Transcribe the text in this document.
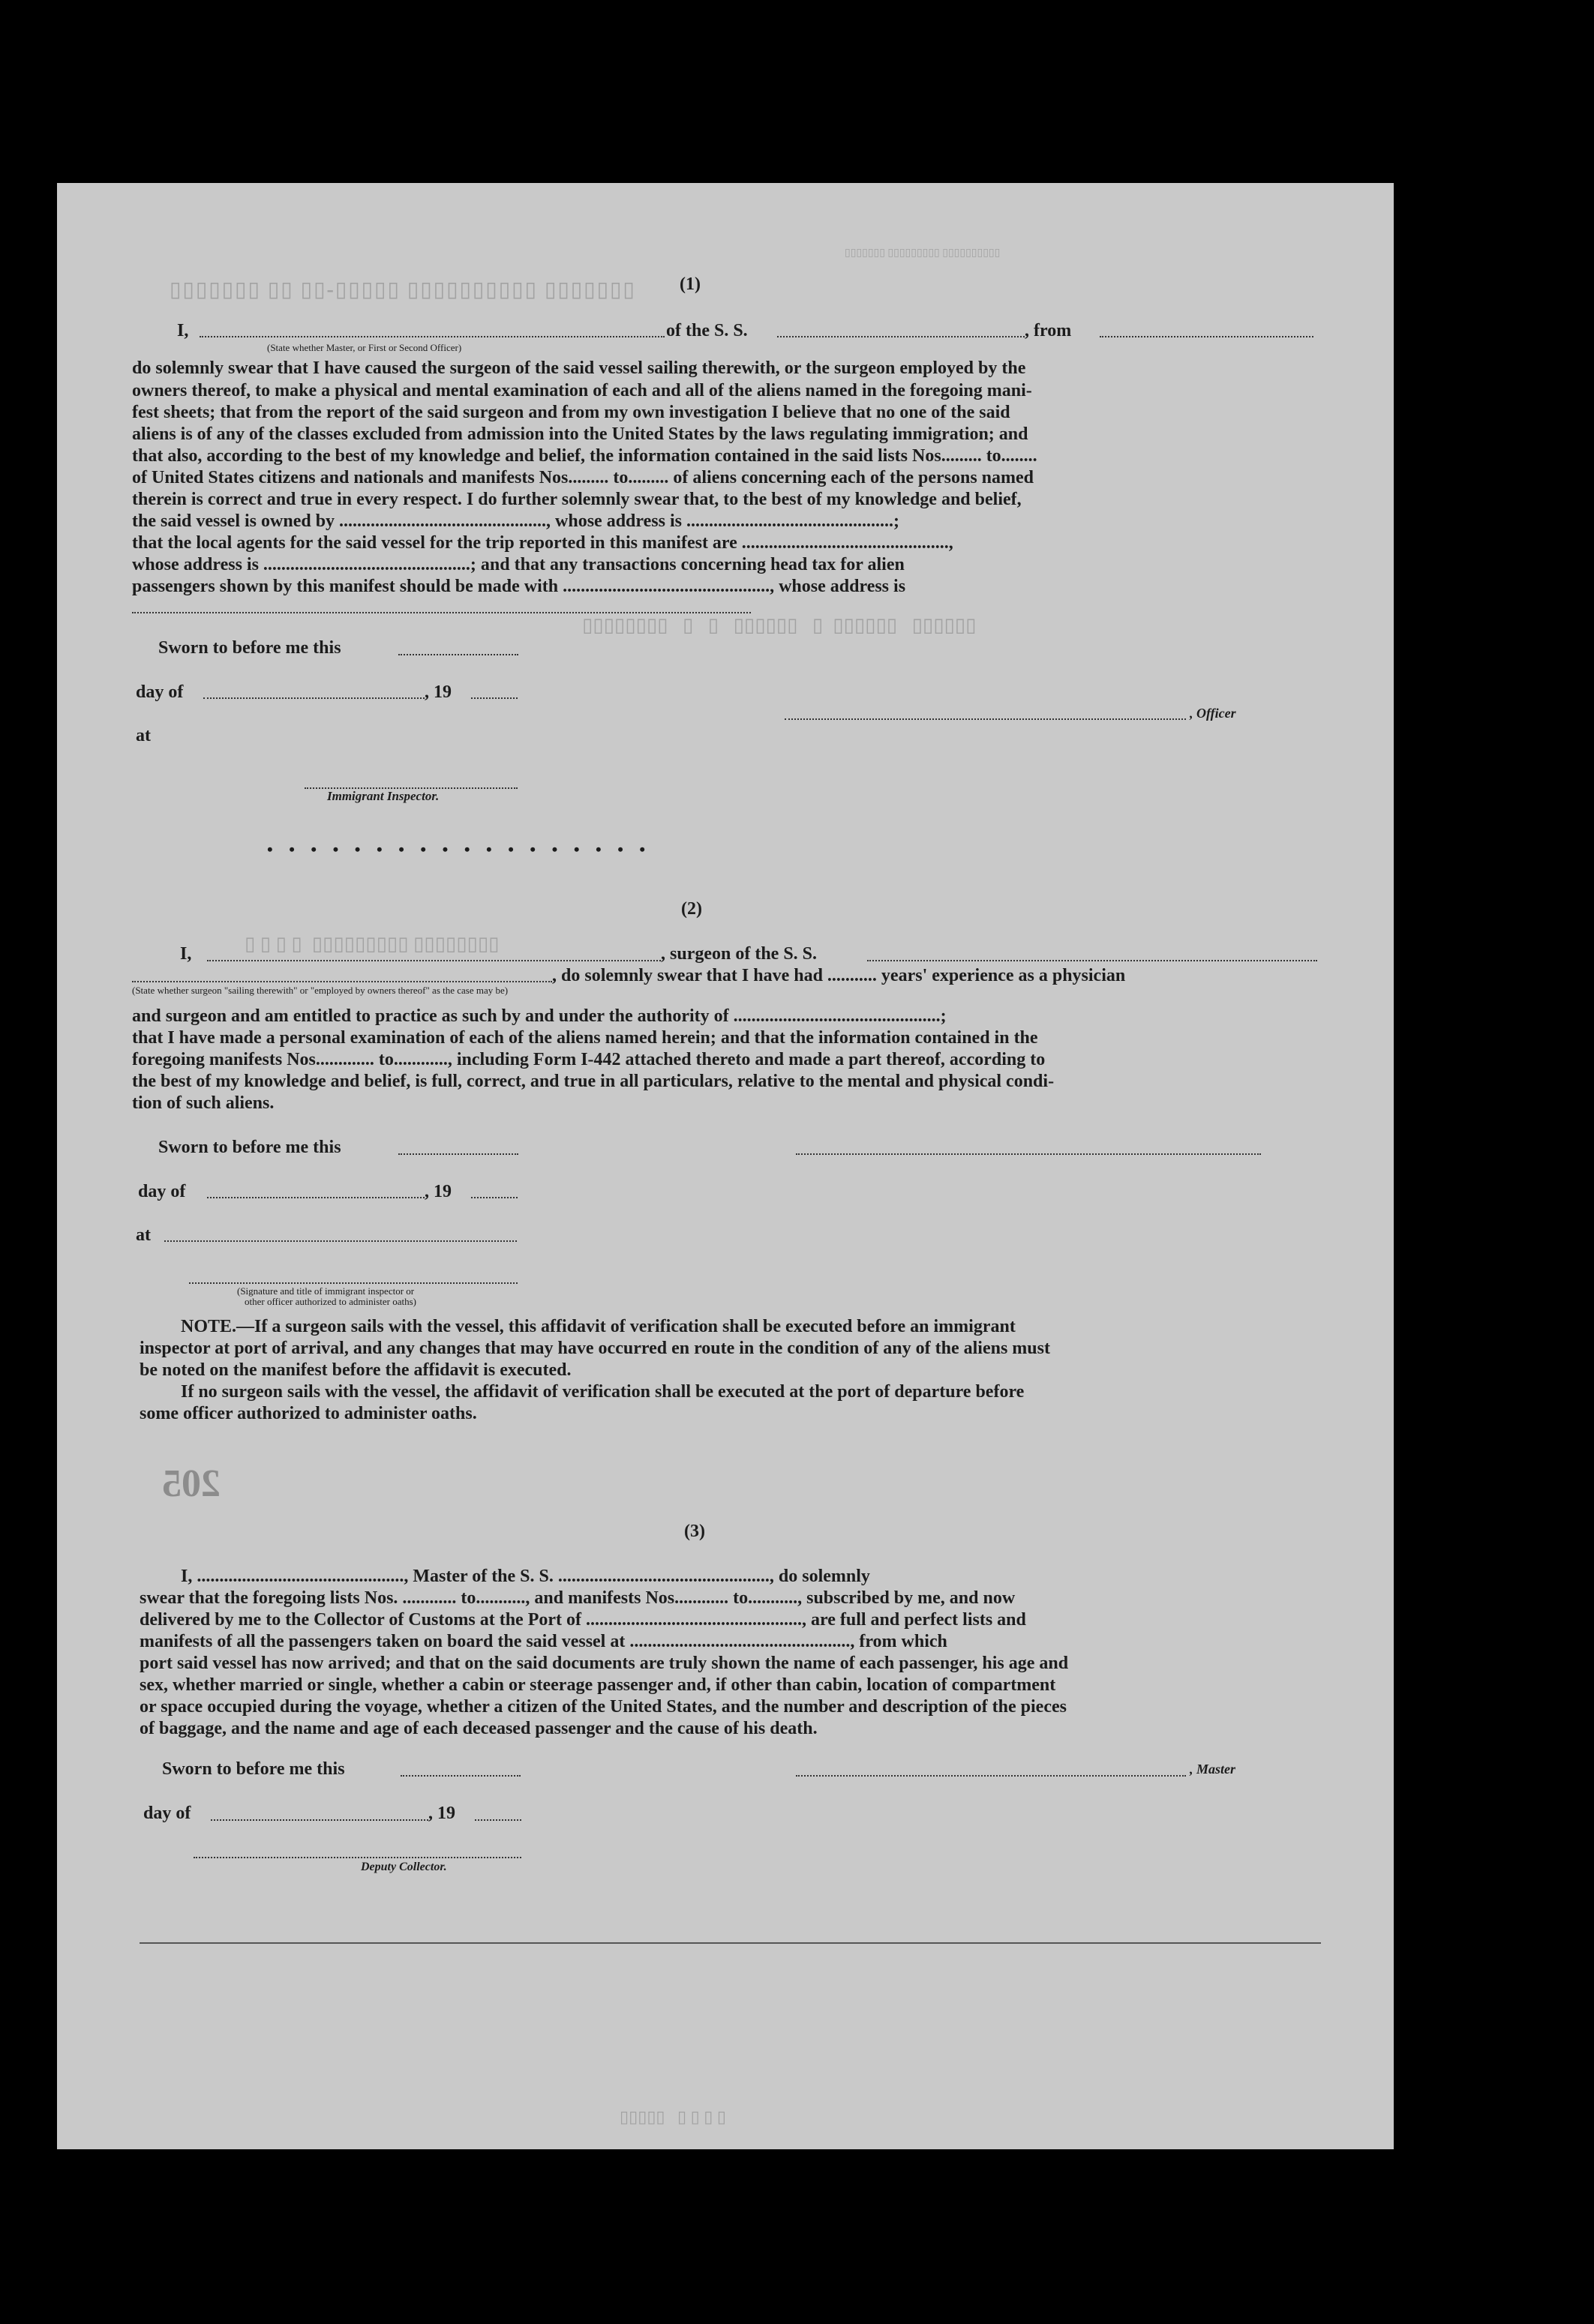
▯▯▯▯▯▯▯ ▯▯ ▯▯-▯▯▯▯▯ ▯▯▯▯▯▯▯▯▯▯ ▯▯▯▯▯▯▯
▯▯▯▯▯▯▯ ▯▯▯▯▯▯▯▯▯ ▯▯▯▯▯▯▯▯▯▯
▯▯▯▯▯▯▯▯   ▯   ▯   ▯▯▯▯▯▯   ▯  ▯▯▯▯▯▯   ▯▯▯▯▯▯
▯ ▯ ▯ ▯  ▯▯▯▯▯▯▯▯▯ ▯▯▯▯▯▯▯▯
(1)
I,	of the S. S.	, from
(State whether Master, or First or Second Officer)
do solemnly swear that I have caused the surgeon of the said vessel sailing therewith, or the surgeon employed by the
owners thereof, to make a physical and mental examination of each and all of the aliens named in the foregoing mani-
fest sheets; that from the report of the said surgeon and from my own investigation I believe that no one of the said
aliens is of any of the classes excluded from admission into the United States by the laws regulating immigration; and
that also, according to the best of my knowledge and belief, the information contained in the said lists Nos......... to........
of United States citizens and nationals and manifests Nos......... to......... of aliens concerning each of the persons named
therein is correct and true in every respect. I do further solemnly swear that, to the best of my knowledge and belief,
the said vessel is owned by .............................................., whose address is ..............................................;
that the local agents for the said vessel for the trip reported in this manifest are ..............................................,
whose address is ..............................................; and that any transactions concerning head tax for alien
passengers shown by this manifest should be made with .............................................., whose address is
Sworn to before me this
day of	, 19
at
, Officer
Immigrant Inspector.
• • • • • • • • • • • • • • • • • •
(2)
I,	, surgeon of the S. S.
, do solemnly swear that I have had ........... years' experience as a physician
(State whether surgeon "sailing therewith" or "employed by owners thereof" as the case may be)
and surgeon and am entitled to practice as such by and under the authority of ..............................................;
that I have made a personal examination of each of the aliens named herein; and that the information contained in the
foregoing manifests Nos............. to............, including Form I-442 attached thereto and made a part thereof, according to
the best of my knowledge and belief, is full, correct, and true in all particulars, relative to the mental and physical condi-
tion of such aliens.
Sworn to before me this
day of	, 19
at
(Signature and title of immigrant inspector or
other officer authorized to administer oaths)
NOTE.—If a surgeon sails with the vessel, this affidavit of verification shall be executed before an immigrant
inspector at port of arrival, and any changes that may have occurred en route in the condition of any of the aliens must
be noted on the manifest before the affidavit is executed.
If no surgeon sails with the vessel, the affidavit of verification shall be executed at the port of departure before
some officer authorized to administer oaths.
205
(3)
I, .............................................., Master of the S. S. ..............................................., do solemnly
swear that the foregoing lists Nos. ............ to..........., and manifests Nos............ to..........., subscribed by me, and now
delivered by me to the Collector of Customs at the Port of ................................................, are full and perfect lists and
manifests of all the passengers taken on board the said vessel at ................................................., from which
port said vessel has now arrived; and that on the said documents are truly shown the name of each passenger, his age and
sex, whether married or single, whether a cabin or steerage passenger and, if other than cabin, location of compartment
or space occupied during the voyage, whether a citizen of the United States, and the number and description of the pieces
of baggage, and the name and age of each deceased passenger and the cause of his death.
Sworn to before me this	, Master
day of	, 19
Deputy Collector.
▯▯▯▯▯   ▯ ▯ ▯ ▯
